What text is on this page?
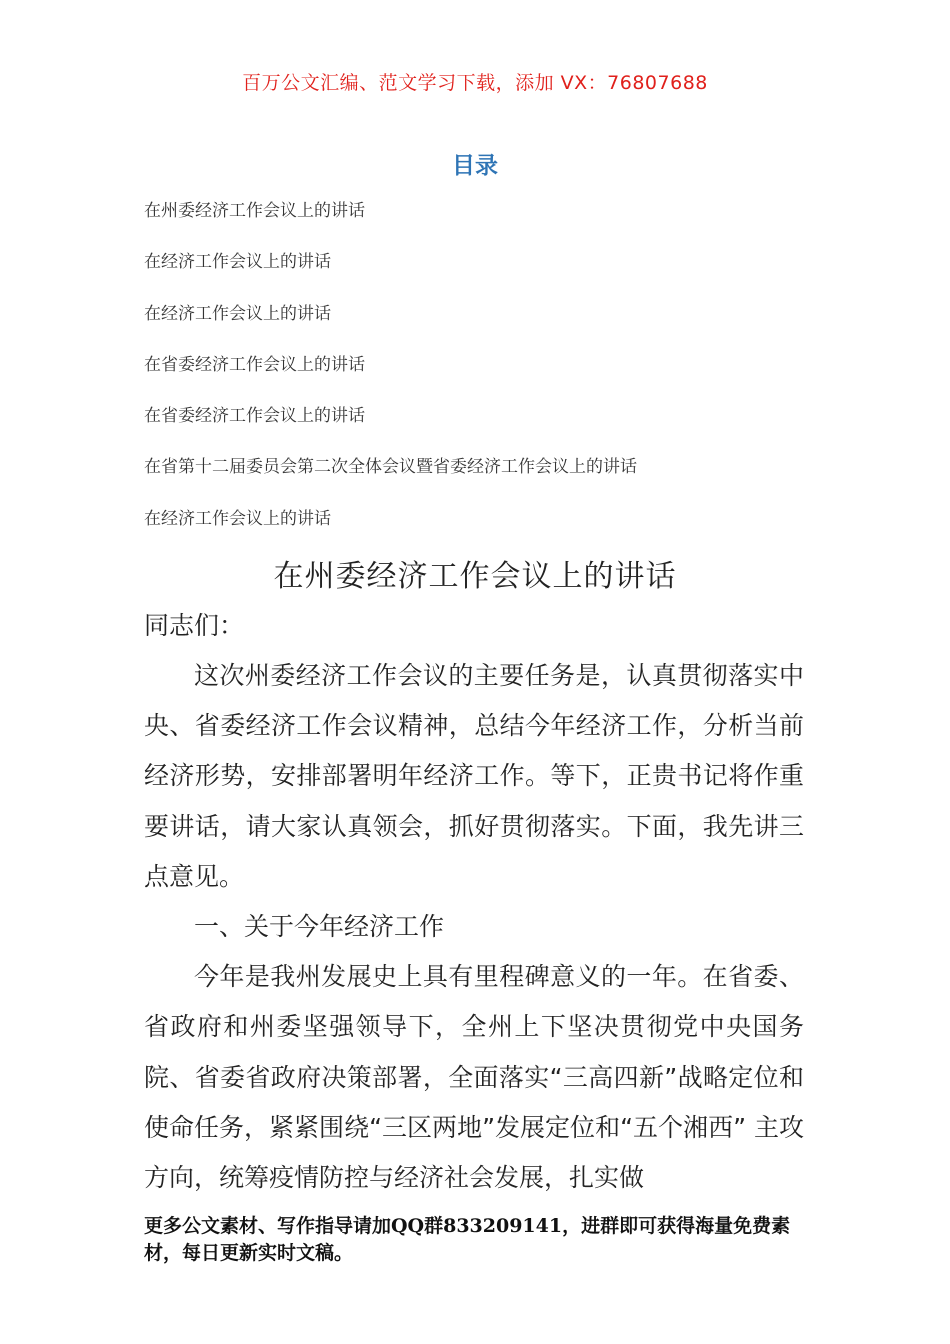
百万公文汇编、范文学习下载，添加 VX：76807688
目录
在州委经济工作会议上的讲话
在经济工作会议上的讲话
在经济工作会议上的讲话
在省委经济工作会议上的讲话
在省委经济工作会议上的讲话
在省第十二届委员会第二次全体会议暨省委经济工作会议上的讲话
在经济工作会议上的讲话
在州委经济工作会议上的讲话
同志们：

这次州委经济工作会议的主要任务是，认真贯彻落实中央、省委经济工作会议精神，总结今年经济工作，分析当前经济形势，安排部署明年经济工作。等下，正贵书记将作重要讲话，请大家认真领会，抓好贯彻落实。下面，我先讲三点意见。

一、关于今年经济工作

今年是我州发展史上具有里程碑意义的一年。在省委、省政府和州委坚强领导下，全州上下坚决贯彻党中央国务院、省委省政府决策部署，全面落实“三高四新”战略定位和使命任务，紧紧围绕“三区两地”发展定位和“五个湘西” 主攻方向，统筹疫情防控与经济社会发展，扎实做

更多公文素材、写作指导请加QQ群833209141，进群即可获得海量免费素材，每日更新实时文稿。
